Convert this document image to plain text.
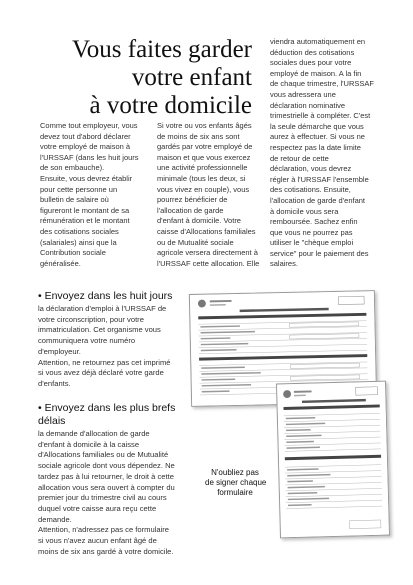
Vous faites garder
votre enfant
à votre domicile

Comme tout employeur, vous
devez tout d'abord déclarer
votre employé de maison à
l'URSSAF (dans les huit jours
de son embauche).
Ensuite, vous devrez établir
pour cette personne un
bulletin de salaire où
figureront le montant de sa
rémunération et le montant
des cotisations sociales
(salariales) ainsi que la
Contribution sociale
généralisée.

Si votre ou vos enfants âgés
de moins de six ans sont
gardés par votre employé de
maison et que vous exercez
une activité professionnelle
minimale (tous les deux, si
vous vivez en couple), vous
pourrez bénéficier de
l'allocation de garde
d'enfant à domicile. Votre
caisse d'Allocations familiales
ou de Mutualité sociale
agricole versera directement à
l'URSSAF cette allocation. Elle

viendra automatiquement en
déduction des cotisations
sociales dues pour votre
employé de maison. A la fin
de chaque trimestre, l'URSSAF
vous adressera une
déclaration nominative
trimestrielle à compléter. C'est
la seule démarche que vous
aurez à effectuer. Si vous ne
respectez pas la date limite
de retour de cette
déclaration, vous devrez
régler à l'URSSAF l'ensemble
des cotisations. Ensuite,
l'allocation de garde d'enfant
à domicile vous sera
remboursée. Sachez enfin
que vous ne pourrez pas
utiliser le "chèque emploi
service" pour le paiement des
salaires.

• Envoyez dans les huit jours
la déclaration d'emploi à l'URSSAF de
votre circonscription, pour votre
immatriculation. Cet organisme vous
communiquera votre numéro
d'employeur.
Attention, ne retournez pas cet imprimé
si vous avez déjà déclaré votre garde
d'enfants.
• Envoyez dans les plus brefs
délais
la demande d'allocation de garde
d'enfant à domicile à la caisse
d'Allocations familiales ou de Mutualité
sociale agricole dont vous dépendez. Ne
tardez pas à lui retourner, le droit à cette
allocation vous sera ouvert à compter du
premier jour du trimestre civil au cours
duquel votre caisse aura reçu cette
demande.
Attention, n'adressez pas ce formulaire
si vous n'avez aucun enfant âgé de
moins de six ans gardé à votre domicile.
N'oubliez pas
de signer chaque
formulaire
